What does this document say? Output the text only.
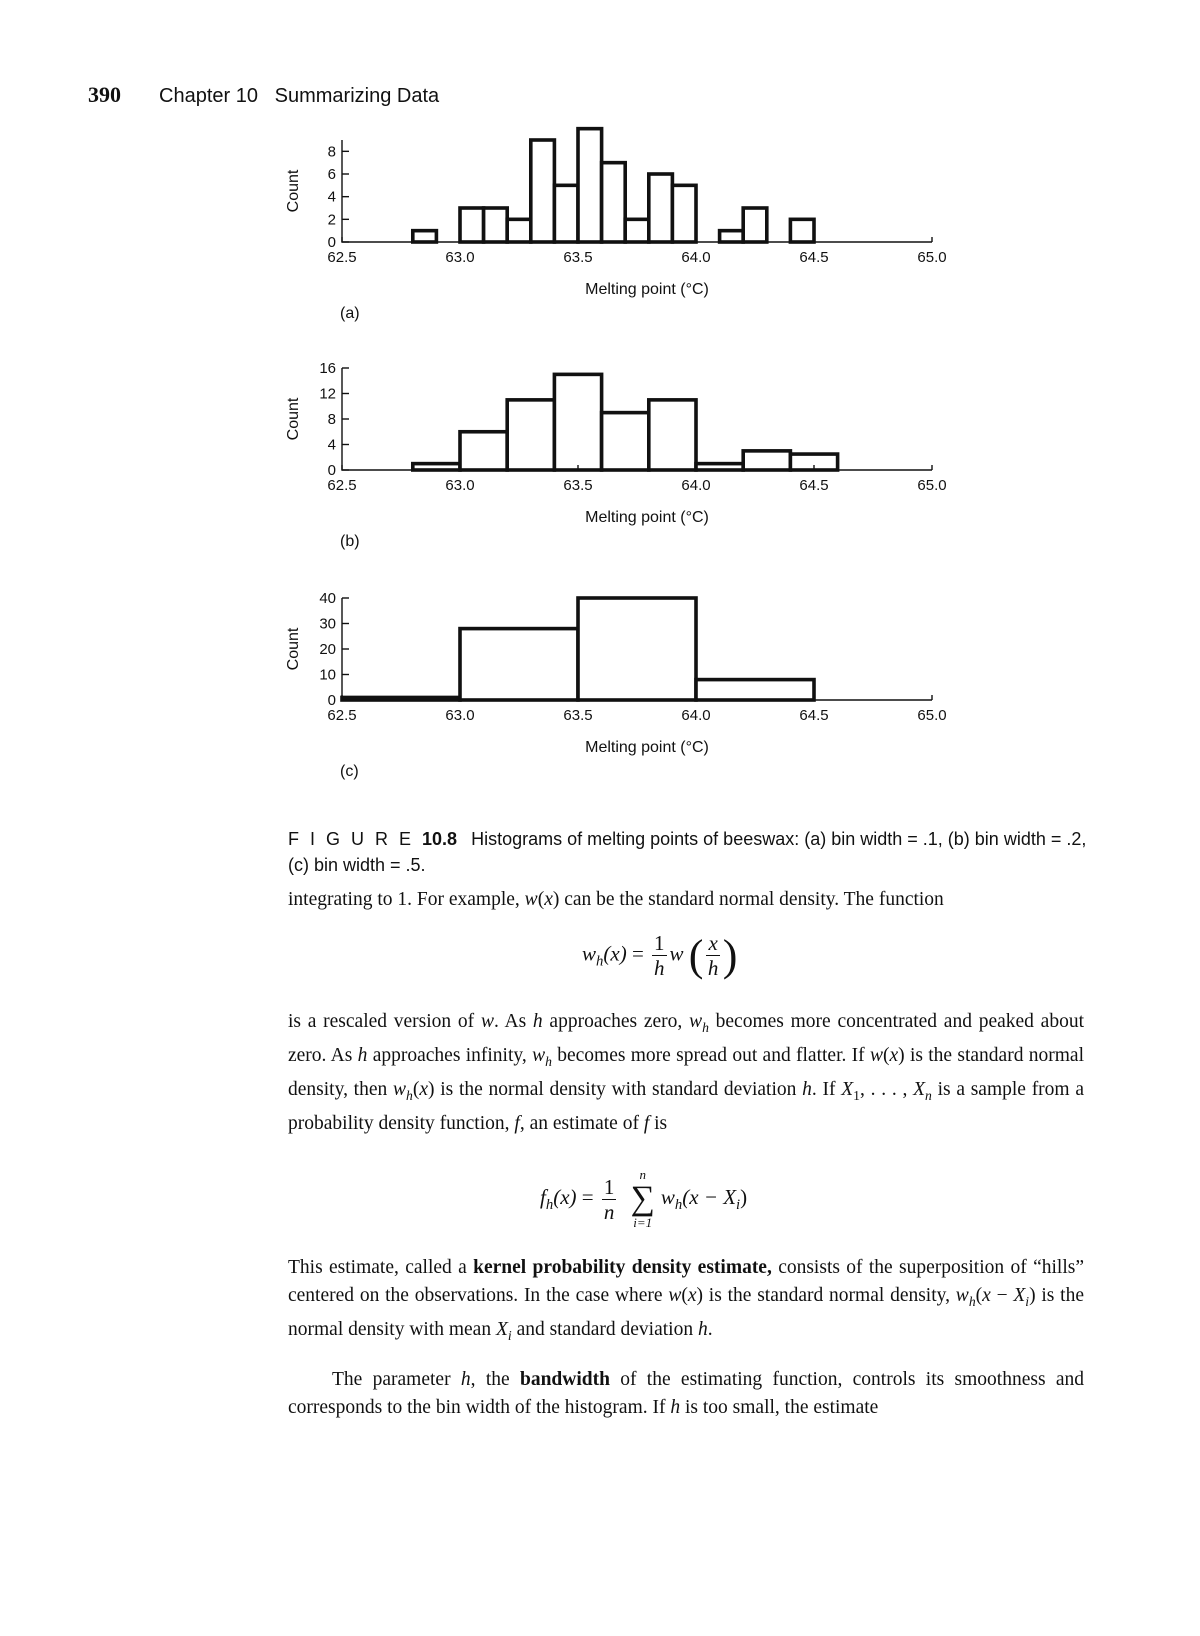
390 Chapter 10   Summarizing Data
62.5	63.0	63.5	64.0	64.5	65.0
0
2
4
6
8
Count
Melting point (°C)
(a)
62.5	63.0	63.5	64.0	64.5	65.0
0
4
8
12
16
Count
Melting point (°C)
(b)
62.5	63.0	63.5	64.0	64.5	65.0
0
10
20
30
40
Count
Melting point (°C)
(c)
F I G U R E 10.8 Histograms of melting points of beeswax: (a) bin width = .1, (b) bin width = .2, (c) bin width = .5.
integrating to 1. For example, w(x) can be the standard normal density. The function
$w_h(x) = \frac{1}{h}$ w ( $\frac{x}{h}$ )
is a rescaled version of w. As h approaches zero, $w_h$ becomes more concentrated and peaked about zero. As h approaches infinity, $w_h$ becomes more spread out and flatter. If w(x) is the standard normal density, then $w_h(x)$ is the normal density with standard deviation h. If $X_1$, . . . , $X_n$ is a sample from a probability density function, f, an estimate of f is
$f_h(x) = \frac{1}{n}$
	n
∑
i=1
$w_h(x - X_i)$
This estimate, called a kernel probability density estimate, consists of the superposition of “hills” centered on the observations. In the case where w(x) is the standard normal density, $w_h(x - X_i)$ is the normal density with mean $X_i$ and standard deviation h.
The parameter h, the bandwidth of the estimating function, controls its smoothness and corresponds to the bin width of the histogram. If h is too small, the estimate
